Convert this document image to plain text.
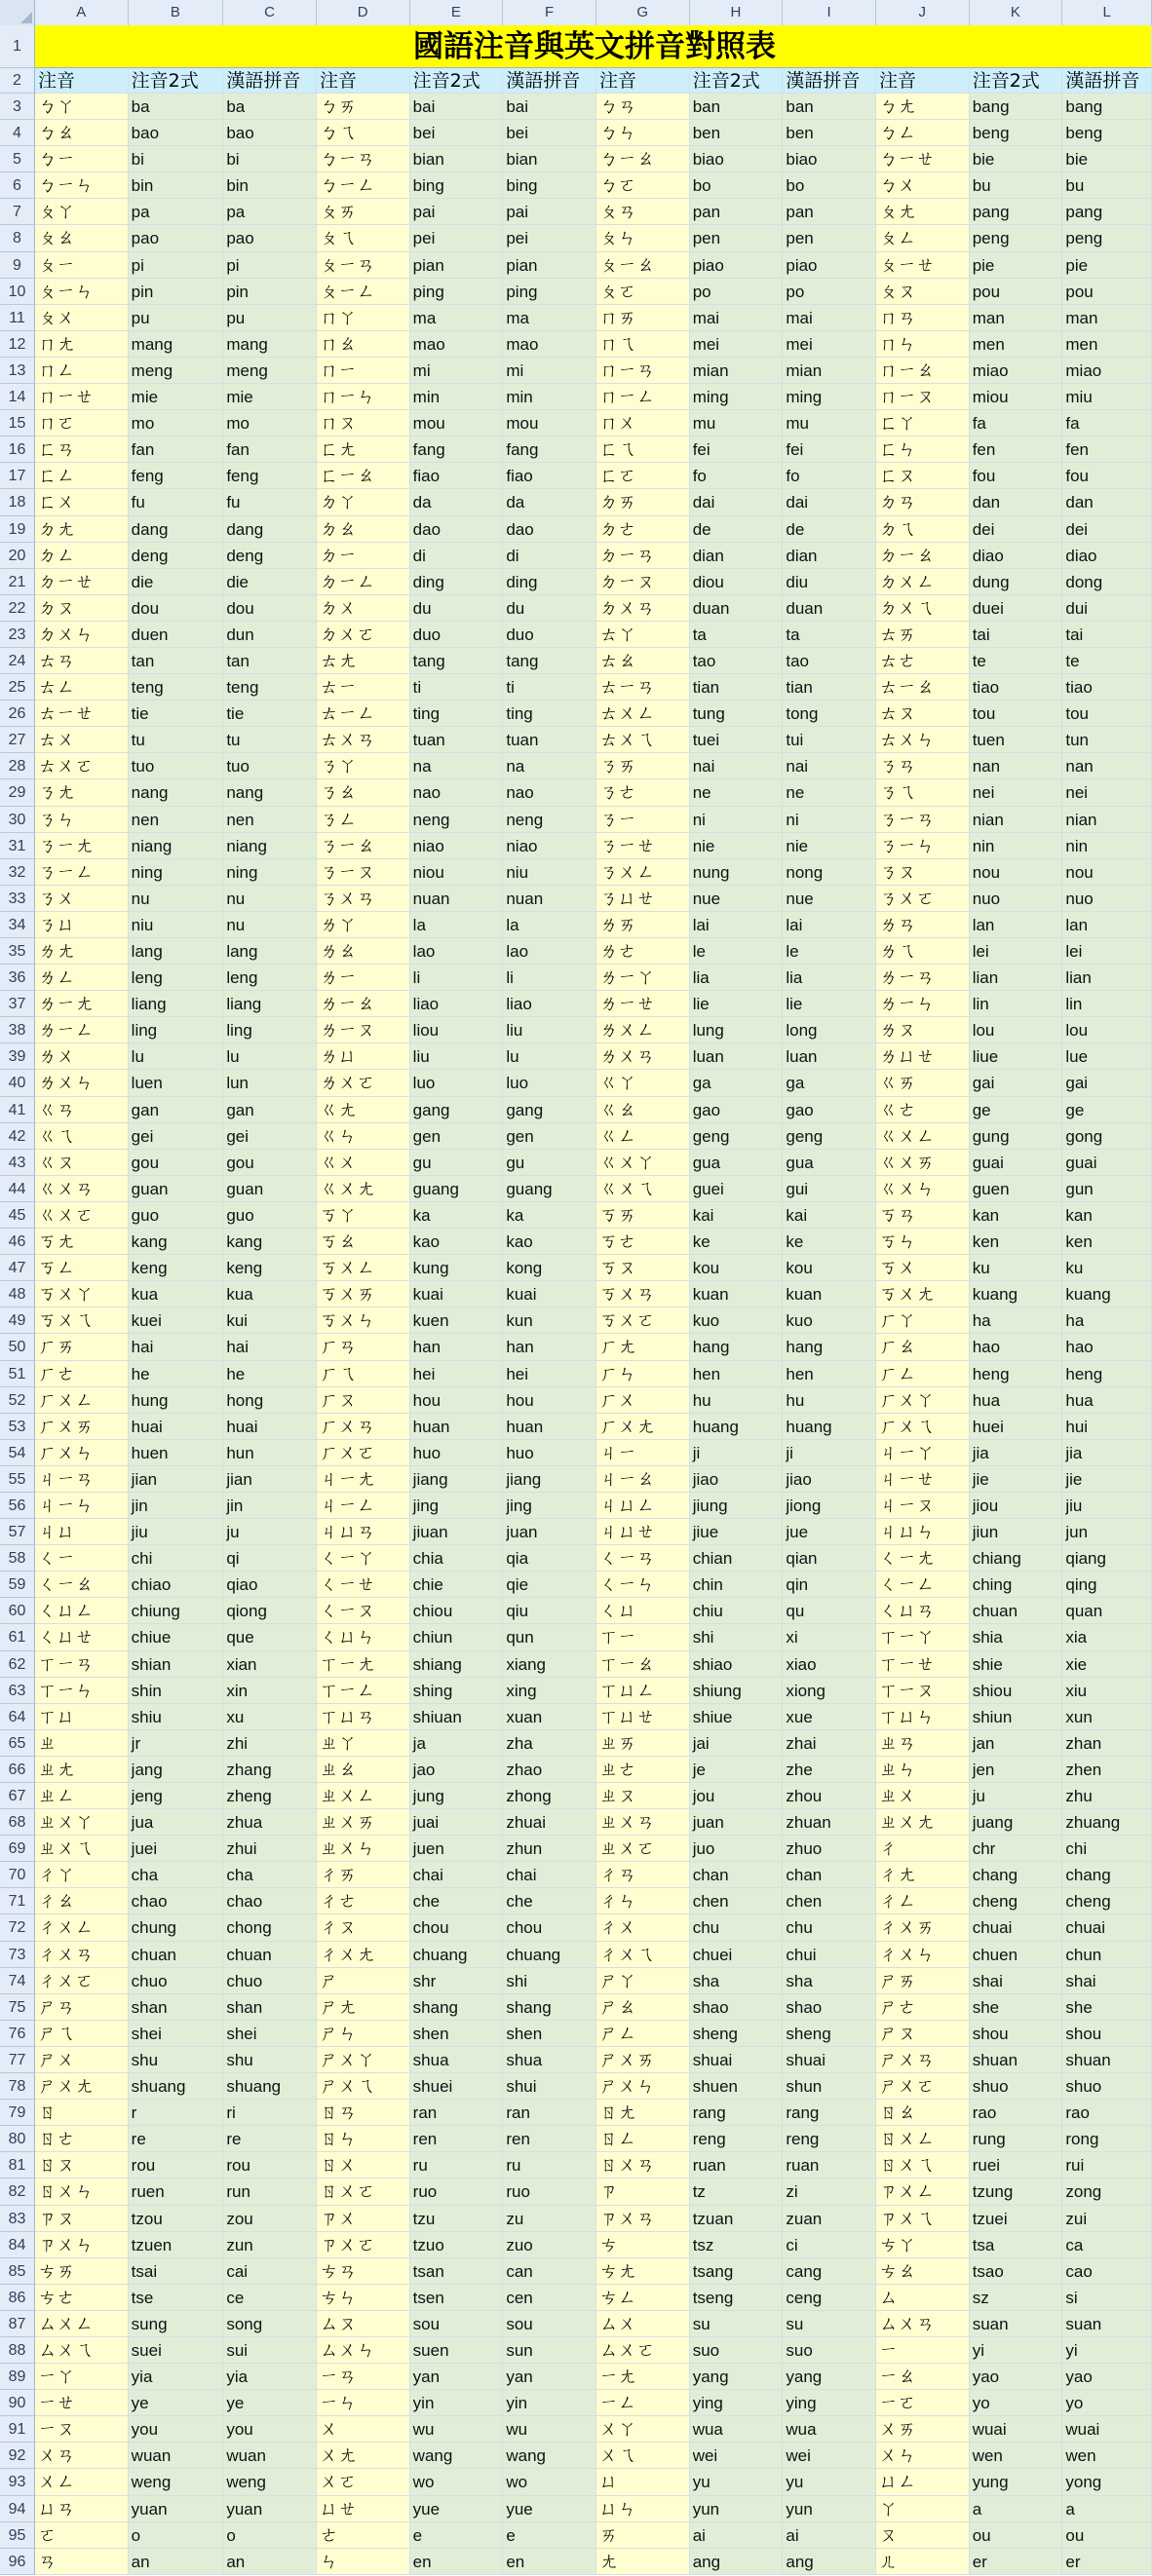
A	B	C	D	E	F	G	H	I	J	K	L
1
2
3
4
5
6
7
8
9
10
11
12
13
14
15
16
17
18
19
20
21
22
23
24
25
26
27
28
29
30
31
32
33
34
35
36
37
38
39
40
41
42
43
44
45
46
47
48
49
50
51
52
53
54
55
56
57
58
59
60
61
62
63
64
65
66
67
68
69
70
71
72
73
74
75
76
77
78
79
80
81
82
83
84
85
86
87
88
89
90
91
92
93
94
95
96
國語注音與英文拼音對照表
注音	注音2式	漢語拼音	注音	注音2式	漢語拼音	注音	注音2式	漢語拼音	注音	注音2式	漢語拼音
ㄅㄚ	ba	ba	ㄅㄞ	bai	bai	ㄅㄢ	ban	ban	ㄅㄤ	bang	bang
ㄅㄠ	bao	bao	ㄅㄟ	bei	bei	ㄅㄣ	ben	ben	ㄅㄥ	beng	beng
ㄅㄧ	bi	bi	ㄅㄧㄢ	bian	bian	ㄅㄧㄠ	biao	biao	ㄅㄧㄝ	bie	bie
ㄅㄧㄣ	bin	bin	ㄅㄧㄥ	bing	bing	ㄅㄛ	bo	bo	ㄅㄨ	bu	bu
ㄆㄚ	pa	pa	ㄆㄞ	pai	pai	ㄆㄢ	pan	pan	ㄆㄤ	pang	pang
ㄆㄠ	pao	pao	ㄆㄟ	pei	pei	ㄆㄣ	pen	pen	ㄆㄥ	peng	peng
ㄆㄧ	pi	pi	ㄆㄧㄢ	pian	pian	ㄆㄧㄠ	piao	piao	ㄆㄧㄝ	pie	pie
ㄆㄧㄣ	pin	pin	ㄆㄧㄥ	ping	ping	ㄆㄛ	po	po	ㄆㄡ	pou	pou
ㄆㄨ	pu	pu	ㄇㄚ	ma	ma	ㄇㄞ	mai	mai	ㄇㄢ	man	man
ㄇㄤ	mang	mang	ㄇㄠ	mao	mao	ㄇㄟ	mei	mei	ㄇㄣ	men	men
ㄇㄥ	meng	meng	ㄇㄧ	mi	mi	ㄇㄧㄢ	mian	mian	ㄇㄧㄠ	miao	miao
ㄇㄧㄝ	mie	mie	ㄇㄧㄣ	min	min	ㄇㄧㄥ	ming	ming	ㄇㄧㄡ	miou	miu
ㄇㄛ	mo	mo	ㄇㄡ	mou	mou	ㄇㄨ	mu	mu	ㄈㄚ	fa	fa
ㄈㄢ	fan	fan	ㄈㄤ	fang	fang	ㄈㄟ	fei	fei	ㄈㄣ	fen	fen
ㄈㄥ	feng	feng	ㄈㄧㄠ	fiao	fiao	ㄈㄛ	fo	fo	ㄈㄡ	fou	fou
ㄈㄨ	fu	fu	ㄉㄚ	da	da	ㄉㄞ	dai	dai	ㄉㄢ	dan	dan
ㄉㄤ	dang	dang	ㄉㄠ	dao	dao	ㄉㄜ	de	de	ㄉㄟ	dei	dei
ㄉㄥ	deng	deng	ㄉㄧ	di	di	ㄉㄧㄢ	dian	dian	ㄉㄧㄠ	diao	diao
ㄉㄧㄝ	die	die	ㄉㄧㄥ	ding	ding	ㄉㄧㄡ	diou	diu	ㄉㄨㄥ	dung	dong
ㄉㄡ	dou	dou	ㄉㄨ	du	du	ㄉㄨㄢ	duan	duan	ㄉㄨㄟ	duei	dui
ㄉㄨㄣ	duen	dun	ㄉㄨㄛ	duo	duo	ㄊㄚ	ta	ta	ㄊㄞ	tai	tai
ㄊㄢ	tan	tan	ㄊㄤ	tang	tang	ㄊㄠ	tao	tao	ㄊㄜ	te	te
ㄊㄥ	teng	teng	ㄊㄧ	ti	ti	ㄊㄧㄢ	tian	tian	ㄊㄧㄠ	tiao	tiao
ㄊㄧㄝ	tie	tie	ㄊㄧㄥ	ting	ting	ㄊㄨㄥ	tung	tong	ㄊㄡ	tou	tou
ㄊㄨ	tu	tu	ㄊㄨㄢ	tuan	tuan	ㄊㄨㄟ	tuei	tui	ㄊㄨㄣ	tuen	tun
ㄊㄨㄛ	tuo	tuo	ㄋㄚ	na	na	ㄋㄞ	nai	nai	ㄋㄢ	nan	nan
ㄋㄤ	nang	nang	ㄋㄠ	nao	nao	ㄋㄜ	ne	ne	ㄋㄟ	nei	nei
ㄋㄣ	nen	nen	ㄋㄥ	neng	neng	ㄋㄧ	ni	ni	ㄋㄧㄢ	nian	nian
ㄋㄧㄤ	niang	niang	ㄋㄧㄠ	niao	niao	ㄋㄧㄝ	nie	nie	ㄋㄧㄣ	nin	nin
ㄋㄧㄥ	ning	ning	ㄋㄧㄡ	niou	niu	ㄋㄨㄥ	nung	nong	ㄋㄡ	nou	nou
ㄋㄨ	nu	nu	ㄋㄨㄢ	nuan	nuan	ㄋㄩㄝ	nue	nue	ㄋㄨㄛ	nuo	nuo
ㄋㄩ	niu	nu	ㄌㄚ	la	la	ㄌㄞ	lai	lai	ㄌㄢ	lan	lan
ㄌㄤ	lang	lang	ㄌㄠ	lao	lao	ㄌㄜ	le	le	ㄌㄟ	lei	lei
ㄌㄥ	leng	leng	ㄌㄧ	li	li	ㄌㄧㄚ	lia	lia	ㄌㄧㄢ	lian	lian
ㄌㄧㄤ	liang	liang	ㄌㄧㄠ	liao	liao	ㄌㄧㄝ	lie	lie	ㄌㄧㄣ	lin	lin
ㄌㄧㄥ	ling	ling	ㄌㄧㄡ	liou	liu	ㄌㄨㄥ	lung	long	ㄌㄡ	lou	lou
ㄌㄨ	lu	lu	ㄌㄩ	liu	lu	ㄌㄨㄢ	luan	luan	ㄌㄩㄝ	liue	lue
ㄌㄨㄣ	luen	lun	ㄌㄨㄛ	luo	luo	ㄍㄚ	ga	ga	ㄍㄞ	gai	gai
ㄍㄢ	gan	gan	ㄍㄤ	gang	gang	ㄍㄠ	gao	gao	ㄍㄜ	ge	ge
ㄍㄟ	gei	gei	ㄍㄣ	gen	gen	ㄍㄥ	geng	geng	ㄍㄨㄥ	gung	gong
ㄍㄡ	gou	gou	ㄍㄨ	gu	gu	ㄍㄨㄚ	gua	gua	ㄍㄨㄞ	guai	guai
ㄍㄨㄢ	guan	guan	ㄍㄨㄤ	guang	guang	ㄍㄨㄟ	guei	gui	ㄍㄨㄣ	guen	gun
ㄍㄨㄛ	guo	guo	ㄎㄚ	ka	ka	ㄎㄞ	kai	kai	ㄎㄢ	kan	kan
ㄎㄤ	kang	kang	ㄎㄠ	kao	kao	ㄎㄜ	ke	ke	ㄎㄣ	ken	ken
ㄎㄥ	keng	keng	ㄎㄨㄥ	kung	kong	ㄎㄡ	kou	kou	ㄎㄨ	ku	ku
ㄎㄨㄚ	kua	kua	ㄎㄨㄞ	kuai	kuai	ㄎㄨㄢ	kuan	kuan	ㄎㄨㄤ	kuang	kuang
ㄎㄨㄟ	kuei	kui	ㄎㄨㄣ	kuen	kun	ㄎㄨㄛ	kuo	kuo	ㄏㄚ	ha	ha
ㄏㄞ	hai	hai	ㄏㄢ	han	han	ㄏㄤ	hang	hang	ㄏㄠ	hao	hao
ㄏㄜ	he	he	ㄏㄟ	hei	hei	ㄏㄣ	hen	hen	ㄏㄥ	heng	heng
ㄏㄨㄥ	hung	hong	ㄏㄡ	hou	hou	ㄏㄨ	hu	hu	ㄏㄨㄚ	hua	hua
ㄏㄨㄞ	huai	huai	ㄏㄨㄢ	huan	huan	ㄏㄨㄤ	huang	huang	ㄏㄨㄟ	huei	hui
ㄏㄨㄣ	huen	hun	ㄏㄨㄛ	huo	huo	ㄐㄧ	ji	ji	ㄐㄧㄚ	jia	jia
ㄐㄧㄢ	jian	jian	ㄐㄧㄤ	jiang	jiang	ㄐㄧㄠ	jiao	jiao	ㄐㄧㄝ	jie	jie
ㄐㄧㄣ	jin	jin	ㄐㄧㄥ	jing	jing	ㄐㄩㄥ	jiung	jiong	ㄐㄧㄡ	jiou	jiu
ㄐㄩ	jiu	ju	ㄐㄩㄢ	jiuan	juan	ㄐㄩㄝ	jiue	jue	ㄐㄩㄣ	jiun	jun
ㄑㄧ	chi	qi	ㄑㄧㄚ	chia	qia	ㄑㄧㄢ	chian	qian	ㄑㄧㄤ	chiang	qiang
ㄑㄧㄠ	chiao	qiao	ㄑㄧㄝ	chie	qie	ㄑㄧㄣ	chin	qin	ㄑㄧㄥ	ching	qing
ㄑㄩㄥ	chiung	qiong	ㄑㄧㄡ	chiou	qiu	ㄑㄩ	chiu	qu	ㄑㄩㄢ	chuan	quan
ㄑㄩㄝ	chiue	que	ㄑㄩㄣ	chiun	qun	ㄒㄧ	shi	xi	ㄒㄧㄚ	shia	xia
ㄒㄧㄢ	shian	xian	ㄒㄧㄤ	shiang	xiang	ㄒㄧㄠ	shiao	xiao	ㄒㄧㄝ	shie	xie
ㄒㄧㄣ	shin	xin	ㄒㄧㄥ	shing	xing	ㄒㄩㄥ	shiung	xiong	ㄒㄧㄡ	shiou	xiu
ㄒㄩ	shiu	xu	ㄒㄩㄢ	shiuan	xuan	ㄒㄩㄝ	shiue	xue	ㄒㄩㄣ	shiun	xun
ㄓ	jr	zhi	ㄓㄚ	ja	zha	ㄓㄞ	jai	zhai	ㄓㄢ	jan	zhan
ㄓㄤ	jang	zhang	ㄓㄠ	jao	zhao	ㄓㄜ	je	zhe	ㄓㄣ	jen	zhen
ㄓㄥ	jeng	zheng	ㄓㄨㄥ	jung	zhong	ㄓㄡ	jou	zhou	ㄓㄨ	ju	zhu
ㄓㄨㄚ	jua	zhua	ㄓㄨㄞ	juai	zhuai	ㄓㄨㄢ	juan	zhuan	ㄓㄨㄤ	juang	zhuang
ㄓㄨㄟ	juei	zhui	ㄓㄨㄣ	juen	zhun	ㄓㄨㄛ	juo	zhuo	ㄔ	chr	chi
ㄔㄚ	cha	cha	ㄔㄞ	chai	chai	ㄔㄢ	chan	chan	ㄔㄤ	chang	chang
ㄔㄠ	chao	chao	ㄔㄜ	che	che	ㄔㄣ	chen	chen	ㄔㄥ	cheng	cheng
ㄔㄨㄥ	chung	chong	ㄔㄡ	chou	chou	ㄔㄨ	chu	chu	ㄔㄨㄞ	chuai	chuai
ㄔㄨㄢ	chuan	chuan	ㄔㄨㄤ	chuang	chuang	ㄔㄨㄟ	chuei	chui	ㄔㄨㄣ	chuen	chun
ㄔㄨㄛ	chuo	chuo	ㄕ	shr	shi	ㄕㄚ	sha	sha	ㄕㄞ	shai	shai
ㄕㄢ	shan	shan	ㄕㄤ	shang	shang	ㄕㄠ	shao	shao	ㄕㄜ	she	she
ㄕㄟ	shei	shei	ㄕㄣ	shen	shen	ㄕㄥ	sheng	sheng	ㄕㄡ	shou	shou
ㄕㄨ	shu	shu	ㄕㄨㄚ	shua	shua	ㄕㄨㄞ	shuai	shuai	ㄕㄨㄢ	shuan	shuan
ㄕㄨㄤ	shuang	shuang	ㄕㄨㄟ	shuei	shui	ㄕㄨㄣ	shuen	shun	ㄕㄨㄛ	shuo	shuo
ㄖ	r	ri	ㄖㄢ	ran	ran	ㄖㄤ	rang	rang	ㄖㄠ	rao	rao
ㄖㄜ	re	re	ㄖㄣ	ren	ren	ㄖㄥ	reng	reng	ㄖㄨㄥ	rung	rong
ㄖㄡ	rou	rou	ㄖㄨ	ru	ru	ㄖㄨㄢ	ruan	ruan	ㄖㄨㄟ	ruei	rui
ㄖㄨㄣ	ruen	run	ㄖㄨㄛ	ruo	ruo	ㄗ	tz	zi	ㄗㄨㄥ	tzung	zong
ㄗㄡ	tzou	zou	ㄗㄨ	tzu	zu	ㄗㄨㄢ	tzuan	zuan	ㄗㄨㄟ	tzuei	zui
ㄗㄨㄣ	tzuen	zun	ㄗㄨㄛ	tzuo	zuo	ㄘ	tsz	ci	ㄘㄚ	tsa	ca
ㄘㄞ	tsai	cai	ㄘㄢ	tsan	can	ㄘㄤ	tsang	cang	ㄘㄠ	tsao	cao
ㄘㄜ	tse	ce	ㄘㄣ	tsen	cen	ㄘㄥ	tseng	ceng	ㄙ	sz	si
ㄙㄨㄥ	sung	song	ㄙㄡ	sou	sou	ㄙㄨ	su	su	ㄙㄨㄢ	suan	suan
ㄙㄨㄟ	suei	sui	ㄙㄨㄣ	suen	sun	ㄙㄨㄛ	suo	suo	ㄧ	yi	yi
ㄧㄚ	yia	yia	ㄧㄢ	yan	yan	ㄧㄤ	yang	yang	ㄧㄠ	yao	yao
ㄧㄝ	ye	ye	ㄧㄣ	yin	yin	ㄧㄥ	ying	ying	ㄧㄛ	yo	yo
ㄧㄡ	you	you	ㄨ	wu	wu	ㄨㄚ	wua	wua	ㄨㄞ	wuai	wuai
ㄨㄢ	wuan	wuan	ㄨㄤ	wang	wang	ㄨㄟ	wei	wei	ㄨㄣ	wen	wen
ㄨㄥ	weng	weng	ㄨㄛ	wo	wo	ㄩ	yu	yu	ㄩㄥ	yung	yong
ㄩㄢ	yuan	yuan	ㄩㄝ	yue	yue	ㄩㄣ	yun	yun	ㄚ	a	a
ㄛ	o	o	ㄜ	e	e	ㄞ	ai	ai	ㄡ	ou	ou
ㄢ	an	an	ㄣ	en	en	ㄤ	ang	ang	ㄦ	er	er
